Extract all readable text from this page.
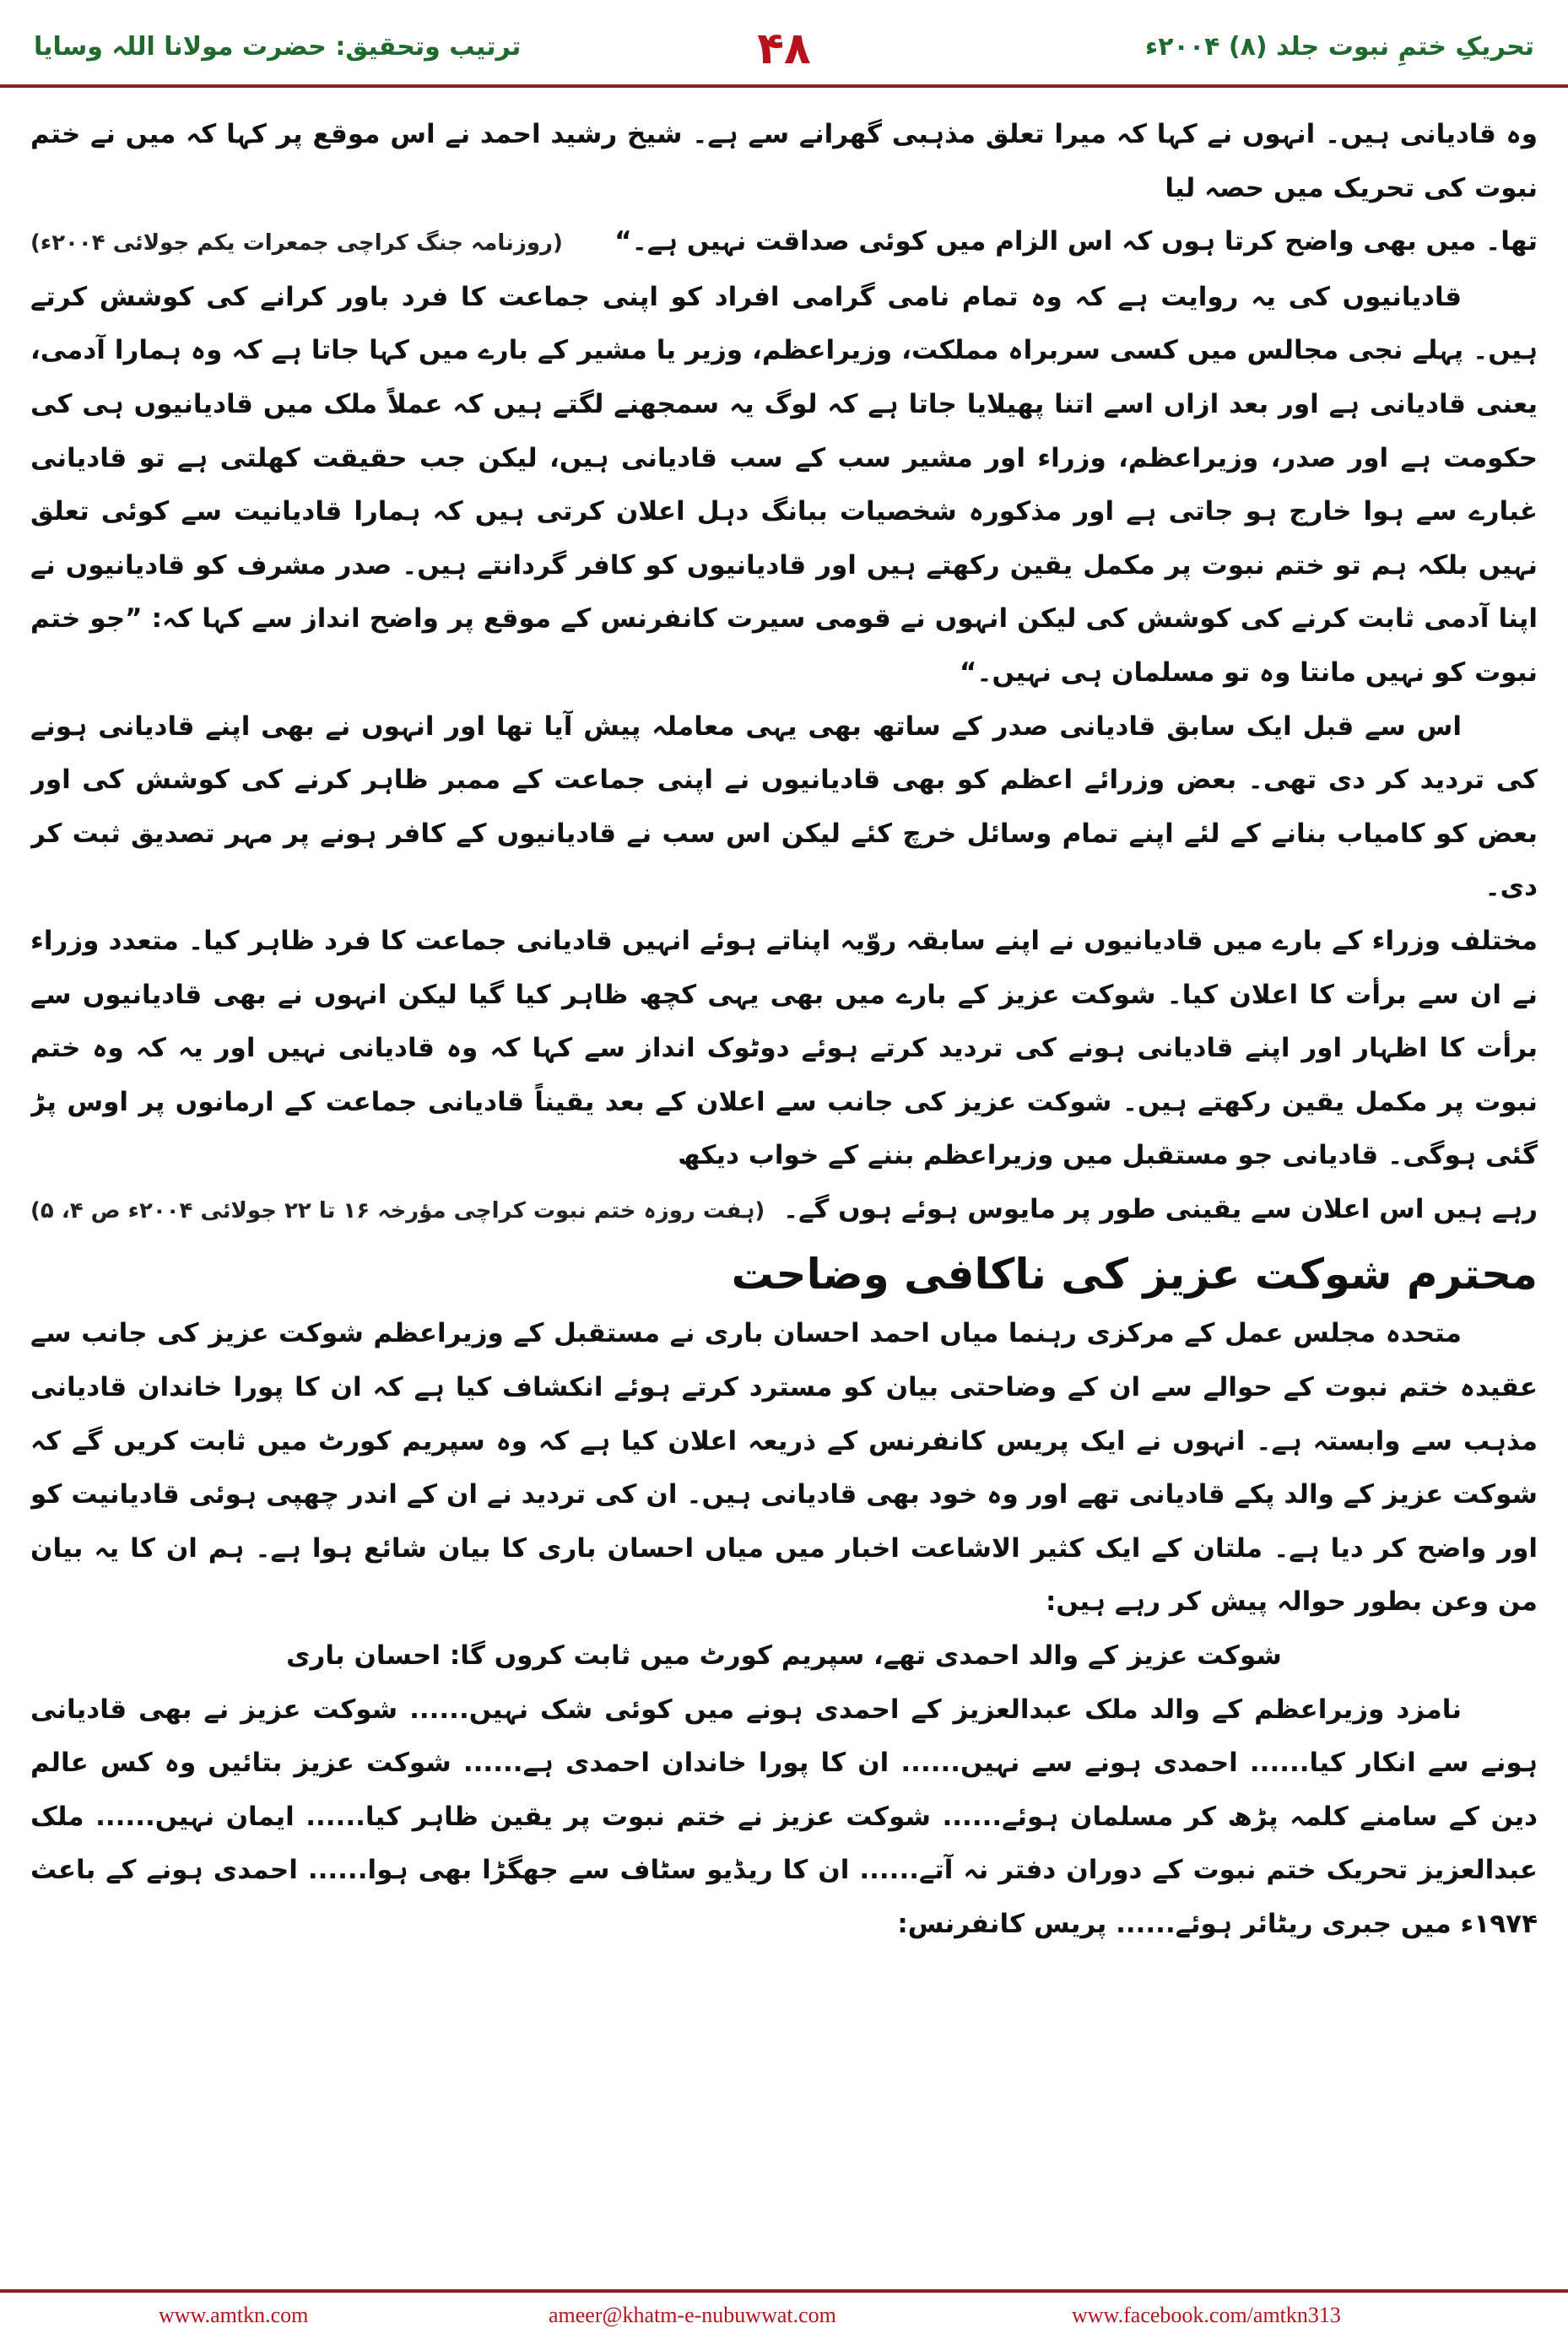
ترتیب وتحقیق: حضرت مولانا اللہ وسایا	۴۸	تحریکِ ختمِ نبوت جلد (۸) ۲۰۰۴ء

وہ قادیانی ہیں۔ انہوں نے کہا کہ میرا تعلق مذہبی گھرانے سے ہے۔ شیخ رشید احمد نے اس موقع پر کہا کہ میں نے ختم نبوت کی تحریک میں حصہ لیا

تھا۔ میں بھی واضح کرتا ہوں کہ اس الزام میں کوئی صداقت نہیں ہے۔“
(روزنامہ جنگ کراچی جمعرات یکم جولائی ۲۰۰۴ء)

قادیانیوں کی یہ روایت ہے کہ وہ تمام نامی گرامی افراد کو اپنی جماعت کا فرد باور کرانے کی کوشش کرتے ہیں۔ پہلے نجی مجالس میں کسی سربراہ مملکت، وزیراعظم، وزیر یا مشیر کے بارے میں کہا جاتا ہے کہ وہ ہمارا آدمی، یعنی قادیانی ہے اور بعد ازاں اسے اتنا پھیلایا جاتا ہے کہ لوگ یہ سمجھنے لگتے ہیں کہ عملاً ملک میں قادیانیوں ہی کی حکومت ہے اور صدر، وزیراعظم، وزراء اور مشیر سب کے سب قادیانی ہیں، لیکن جب حقیقت کھلتی ہے تو قادیانی غبارے سے ہوا خارج ہو جاتی ہے اور مذکورہ شخصیات ببانگ دہل اعلان کرتی ہیں کہ ہمارا قادیانیت سے کوئی تعلق نہیں بلکہ ہم تو ختم نبوت پر مکمل یقین رکھتے ہیں اور قادیانیوں کو کافر گردانتے ہیں۔ صدر مشرف کو قادیانیوں نے اپنا آدمی ثابت کرنے کی کوشش کی لیکن انہوں نے قومی سیرت کانفرنس کے موقع پر واضح انداز سے کہا کہ: ”جو ختم نبوت کو نہیں مانتا وہ تو مسلمان ہی نہیں۔“

اس سے قبل ایک سابق قادیانی صدر کے ساتھ بھی یہی معاملہ پیش آیا تھا اور انہوں نے بھی اپنے قادیانی ہونے کی تردید کر دی تھی۔ بعض وزرائے اعظم کو بھی قادیانیوں نے اپنی جماعت کے ممبر ظاہر کرنے کی کوشش کی اور بعض کو کامیاب بنانے کے لئے اپنے تمام وسائل خرچ کئے لیکن اس سب نے قادیانیوں کے کافر ہونے پر مہر تصدیق ثبت کر دی۔

مختلف وزراء کے بارے میں قادیانیوں نے اپنے سابقہ روّیہ اپناتے ہوئے انہیں قادیانی جماعت کا فرد ظاہر کیا۔ متعدد وزراء نے ان سے برأت کا اعلان کیا۔ شوکت عزیز کے بارے میں بھی یہی کچھ ظاہر کیا گیا لیکن انہوں نے بھی قادیانیوں سے برأت کا اظہار اور اپنے قادیانی ہونے کی تردید کرتے ہوئے دوٹوک انداز سے کہا کہ وہ قادیانی نہیں اور یہ کہ وہ ختم نبوت پر مکمل یقین رکھتے ہیں۔ شوکت عزیز کی جانب سے اعلان کے بعد یقیناً قادیانی جماعت کے ارمانوں پر اوس پڑ گئی ہوگی۔ قادیانی جو مستقبل میں وزیراعظم بننے کے خواب دیکھ

رہے ہیں اس اعلان سے یقینی طور پر مایوس ہوئے ہوں گے۔
(ہفت روزہ ختم نبوت کراچی مؤرخہ ۱۶ تا ۲۲ جولائی ۲۰۰۴ء ص ۴، ۵)
محترم شوکت عزیز کی ناکافی وضاحت

متحدہ مجلس عمل کے مرکزی رہنما میاں احمد احسان باری نے مستقبل کے وزیراعظم شوکت عزیز کی جانب سے عقیدہ ختم نبوت کے حوالے سے ان کے وضاحتی بیان کو مسترد کرتے ہوئے انکشاف کیا ہے کہ ان کا پورا خاندان قادیانی مذہب سے وابستہ ہے۔ انہوں نے ایک پریس کانفرنس کے ذریعہ اعلان کیا ہے کہ وہ سپریم کورٹ میں ثابت کریں گے کہ شوکت عزیز کے والد پکے قادیانی تھے اور وہ خود بھی قادیانی ہیں۔ ان کی تردید نے ان کے اندر چھپی ہوئی قادیانیت کو اور واضح کر دیا ہے۔ ملتان کے ایک کثیر الاشاعت اخبار میں میاں احسان باری کا بیان شائع ہوا ہے۔ ہم ان کا یہ بیان من وعن بطور حوالہ پیش کر رہے ہیں:

شوکت عزیز کے والد احمدی تھے، سپریم کورٹ میں ثابت کروں گا: احسان باری

نامزد وزیراعظم کے والد ملک عبدالعزیز کے احمدی ہونے میں کوئی شک نہیں...... شوکت عزیز نے بھی قادیانی ہونے سے انکار کیا...... احمدی ہونے سے نہیں...... ان کا پورا خاندان احمدی ہے...... شوکت عزیز بتائیں وہ کس عالم دین کے سامنے کلمہ پڑھ کر مسلمان ہوئے...... شوکت عزیز نے ختم نبوت پر یقین ظاہر کیا...... ایمان نہیں...... ملک عبدالعزیز تحریک ختم نبوت کے دوران دفتر نہ آتے...... ان کا ریڈیو سٹاف سے جھگڑا بھی ہوا...... احمدی ہونے کے باعث ۱۹۷۴ء میں جبری ریٹائر ہوئے...... پریس کانفرنس:

www.amtkn.com	ameer@khatm-e-nubuwwat.com	www.facebook.com/amtkn313
